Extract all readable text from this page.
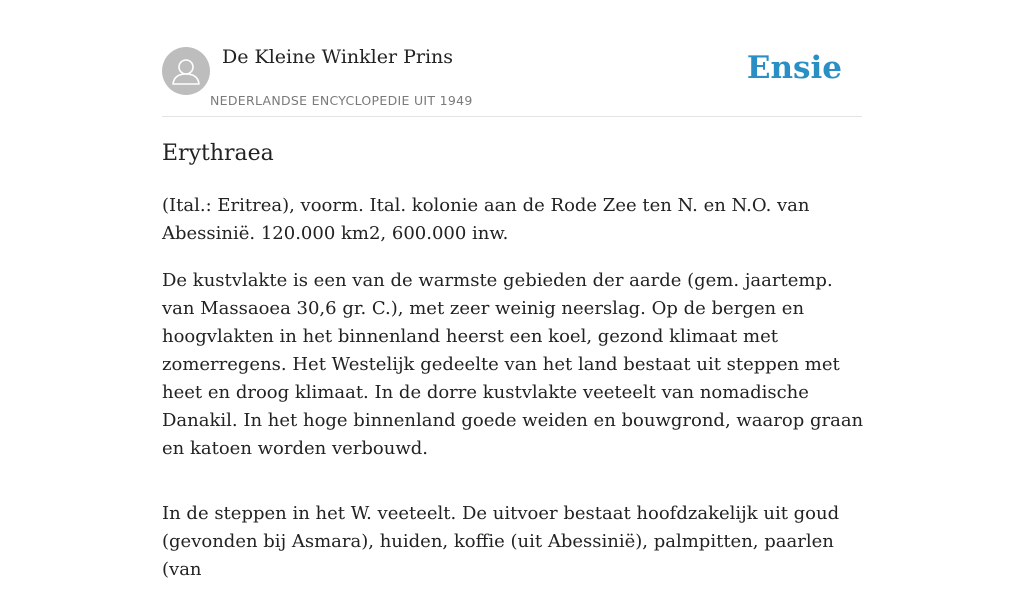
De Kleine Winkler Prins
NEDERLANDSE ENCYCLOPEDIE UIT 1949
Ensie
Erythraea

(Ital.: Eritrea), voorm. Ital. kolonie aan de Rode Zee ten N. en N.O. van Abessinië. 120.000 km2, 600.000 inw.

De kustvlakte is een van de warmste gebieden der aarde (gem. jaartemp. van Massaoea 30,6 gr. C.), met zeer weinig neerslag. Op de bergen en hoogvlakten in het binnenland heerst een koel, gezond klimaat met zomerregens. Het Westelijk gedeelte van het land bestaat uit steppen met heet en droog klimaat. In de dorre kustvlakte veeteelt van nomadische Danakil. In het hoge binnenland goede weiden en bouwgrond, waarop graan en katoen worden verbouwd.

In de steppen in het W. veeteelt. De uitvoer bestaat hoofdzakelijk uit goud (gevonden bij Asmara), huiden, koffie (uit Abessinië), palmpitten, paarlen (van
